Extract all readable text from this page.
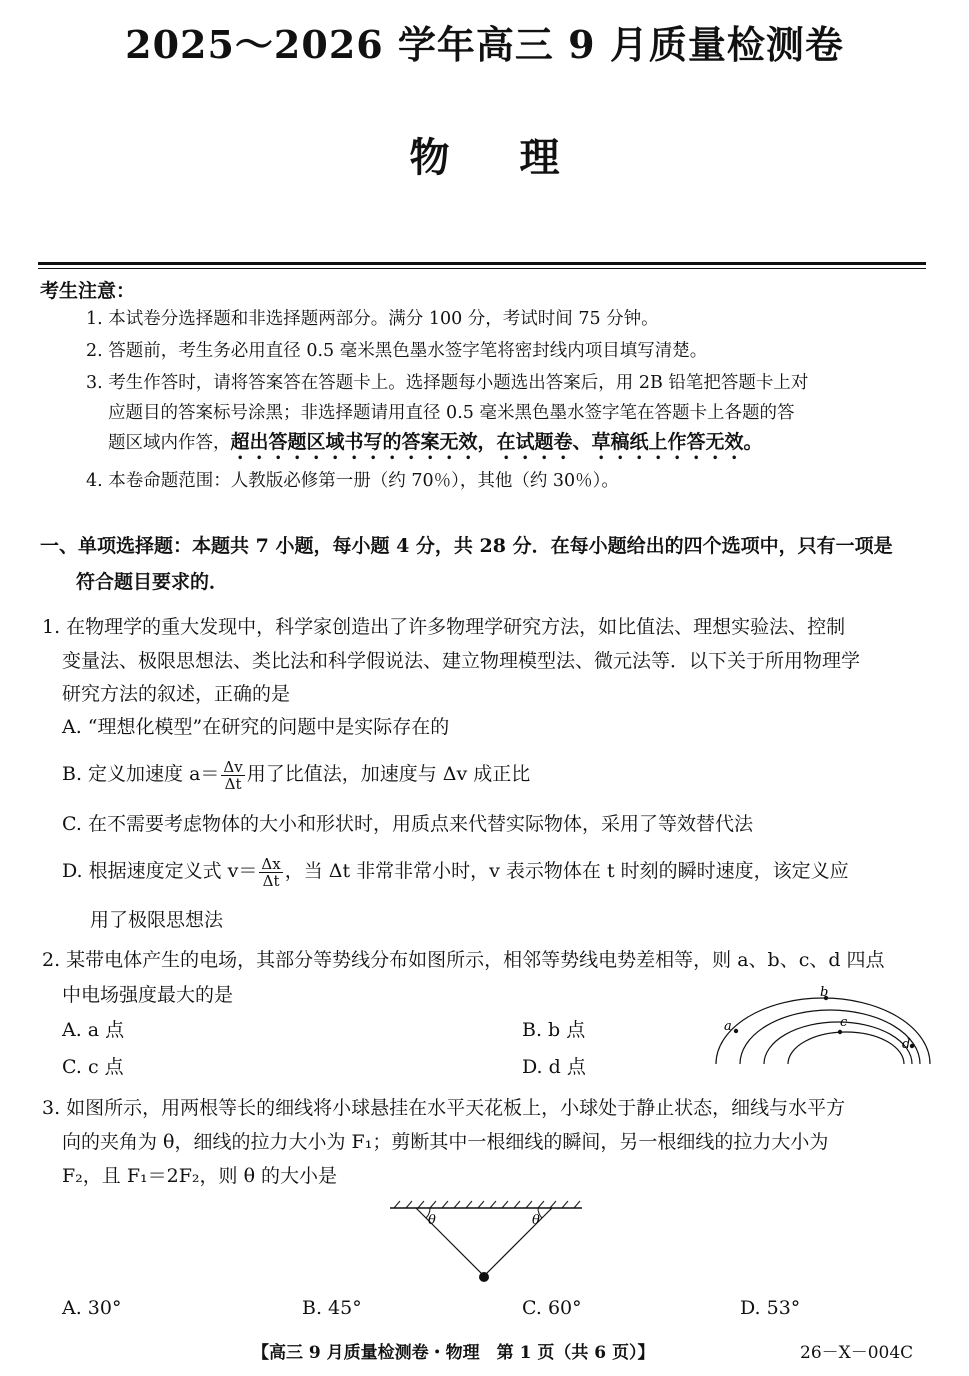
2025～2026 学年高三 9 月质量检测卷
物理
考生注意：
1. 本试卷分选择题和非选择题两部分。满分 100 分，考试时间 75 分钟。
2. 答题前，考生务必用直径 0.5 毫米黑色墨水签字笔将密封线内项目填写清楚。
3. 考生作答时，请将答案答在答题卡上。选择题每小题选出答案后，用 2B 铅笔把答题卡上对
应题目的答案标号涂黑；非选择题请用直径 0.5 毫米黑色墨水签字笔在答题卡上各题的答
题区域内作答，超出答题区域书写的答案无效，在试题卷、草稿纸上作答无效。
4. 本卷命题范围：人教版必修第一册（约 70％），其他（约 30％）。
一、单项选择题：本题共 7 小题，每小题 4 分，共 28 分．在每小题给出的四个选项中，只有一项是
符合题目要求的．
1. 在物理学的重大发现中，科学家创造出了许多物理学研究方法，如比值法、理想实验法、控制
变量法、极限思想法、类比法和科学假说法、建立物理模型法、微元法等．以下关于所用物理学
研究方法的叙述，正确的是
A. “理想化模型”在研究的问题中是实际存在的
B. 定义加速度 $a= \frac{\Delta v}{\Delta t}$ 用了比值法，加速度与 Δv 成正比
C. 在不需要考虑物体的大小和形状时，用质点来代替实际物体，采用了等效替代法
D. 根据速度定义式 $v= \frac{\Delta x}{\Delta t}$ ，当 Δt 非常非常小时，v 表示物体在 t 时刻的瞬时速度，该定义应
用了极限思想法
2. 某带电体产生的电场，其部分等势线分布如图所示，相邻等势线电势差相等，则 a、b、c、d 四点
中电场强度最大的是
A. a 点	B. b 点
C. c 点	D. d 点
a
b
c
d
3. 如图所示，用两根等长的细线将小球悬挂在水平天花板上，小球处于静止状态，细线与水平方
向的夹角为 θ，细线的拉力大小为 F₁；剪断其中一根细线的瞬间，另一根细线的拉力大小为
F₂，且 F₁＝2F₂，则 θ 的大小是
θ	θ
A. 30°	B. 45°	C. 60°	D. 53°
【高三 9 月质量检测卷・物理　第 1 页（共 6 页）】	26－X－004C
